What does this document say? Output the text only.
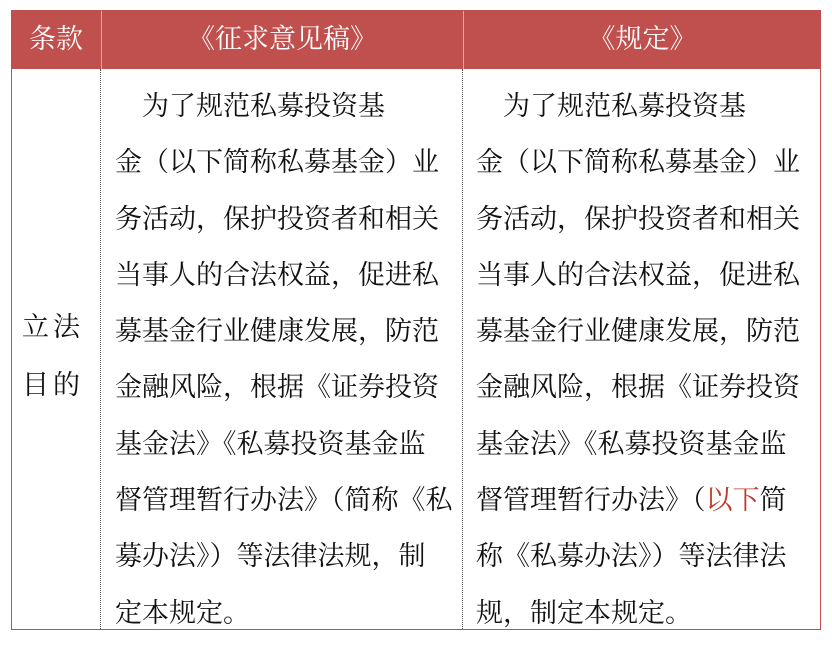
条款	《征求意见稿》	《规定》
立法
目的
　为了规范私募投资基
金（以下简称私募基金）业
务活动，保护投资者和相关
当事人的合法权益，促进私
募基金行业健康发展，防范
金融风险，根据《证券投资
基金法》《私募投资基金监
督管理暂行办法》（简称《私
募办法》）等法律法规，制
定本规定。
　为了规范私募投资基
金（以下简称私募基金）业
务活动，保护投资者和相关
当事人的合法权益，促进私
募基金行业健康发展，防范
金融风险，根据《证券投资
基金法》《私募投资基金监
督管理暂行办法》（以下简
称《私募办法》）等法律法
规，制定本规定。
